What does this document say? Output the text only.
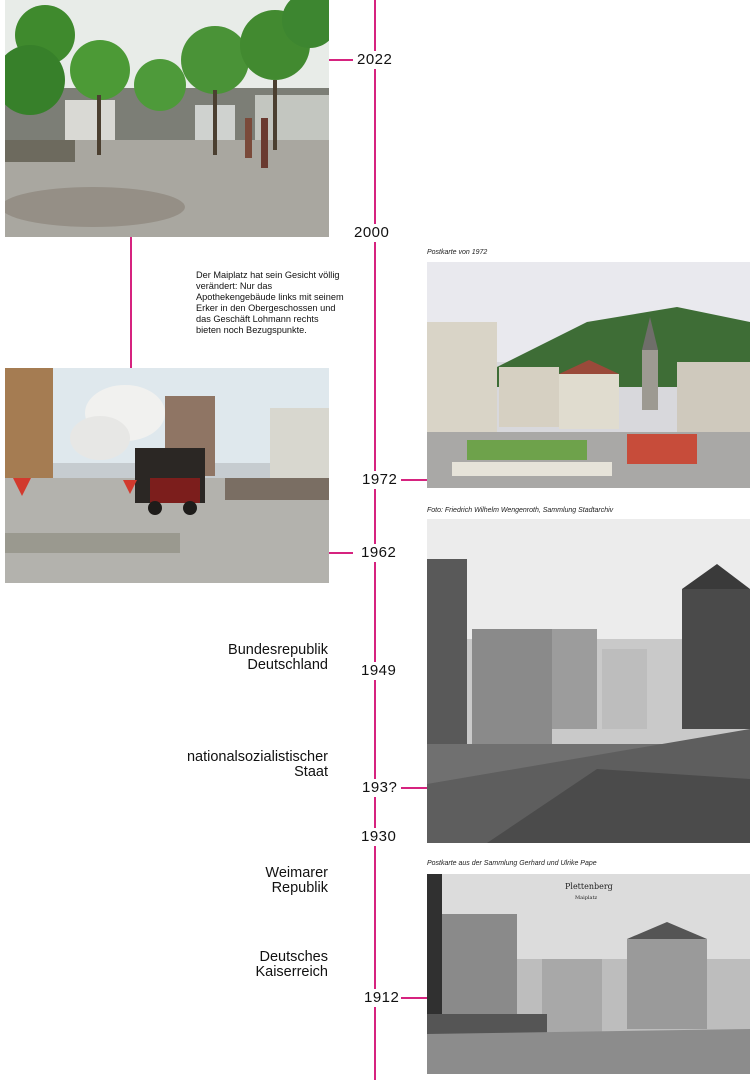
2022
2000
1972
1962
1949
193?
1930
1912
Bundesrepublik
Deutschland
nationalsozialistischer
Staat
Weimarer
Republik
Deutsches
Kaiserreich
Der Maiplatz hat sein Gesicht völlig verändert: Nur das Apothekengebäude links mit seinem Erker in den Obergeschossen und das Geschäft Lohmann rechts bieten noch Bezugspunkte.
Postkarte von 1972
Foto: Friedrich Wilhelm Wengenroth, Sammlung Stadtarchiv
Postkarte aus der Sammlung Gerhard und Ulrike Pape
Plettenberg
Maiplatz
